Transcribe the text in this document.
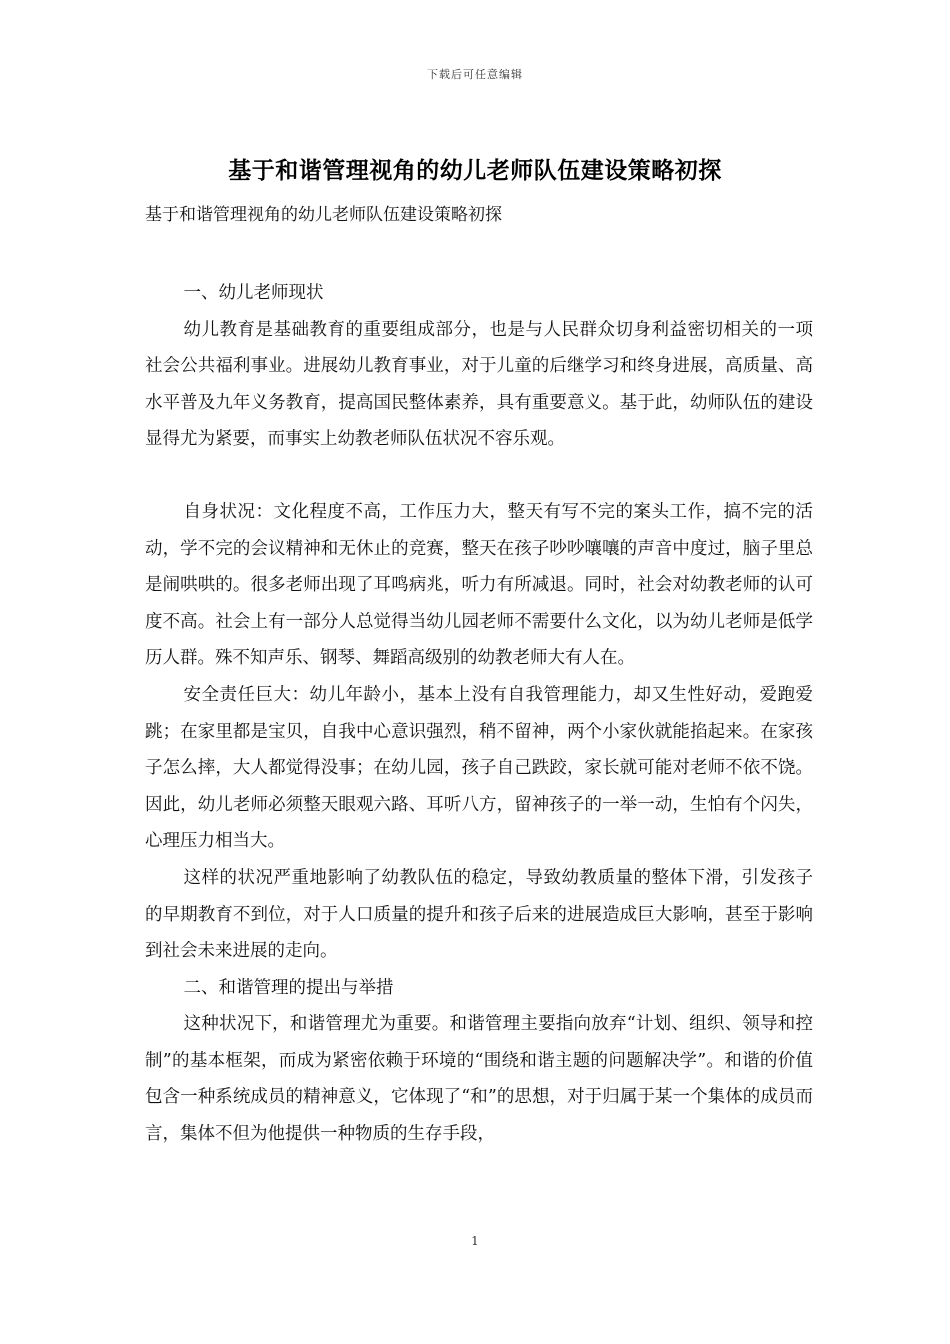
下载后可任意编辑
基于和谐管理视角的幼儿老师队伍建设策略初探
基于和谐管理视角的幼儿老师队伍建设策略初探

一、幼儿老师现状

幼儿教育是基础教育的重要组成部分，也是与人民群众切身利益密切相关的一项社会公共福利事业。进展幼儿教育事业，对于儿童的后继学习和终身进展，高质量、高水平普及九年义务教育，提高国民整体素养，具有重要意义。基于此，幼师队伍的建设显得尤为紧要，而事实上幼教老师队伍状况不容乐观。

自身状况：文化程度不高，工作压力大，整天有写不完的案头工作，搞不完的活动，学不完的会议精神和无休止的竞赛，整天在孩子吵吵嚷嚷的声音中度过，脑子里总是闹哄哄的。很多老师出现了耳鸣病兆，听力有所减退。同时，社会对幼教老师的认可度不高。社会上有一部分人总觉得当幼儿园老师不需要什么文化，以为幼儿老师是低学历人群。殊不知声乐、钢琴、舞蹈高级别的幼教老师大有人在。

安全责任巨大：幼儿年龄小，基本上没有自我管理能力，却又生性好动，爱跑爱跳；在家里都是宝贝，自我中心意识强烈，稍不留神，两个小家伙就能掐起来。在家孩子怎么摔，大人都觉得没事；在幼儿园，孩子自己跌跤，家长就可能对老师不依不饶。因此，幼儿老师必须整天眼观六路、耳听八方，留神孩子的一举一动，生怕有个闪失，心理压力相当大。

这样的状况严重地影响了幼教队伍的稳定，导致幼教质量的整体下滑，引发孩子的早期教育不到位，对于人口质量的提升和孩子后来的进展造成巨大影响，甚至于影响到社会未来进展的走向。

二、和谐管理的提出与举措

这种状况下，和谐管理尤为重要。和谐管理主要指向放弃“计划、组织、领导和控制”的基本框架，而成为紧密依赖于环境的“围绕和谐主题的问题解决学”。和谐的价值包含一种系统成员的精神意义，它体现了“和”的思想，对于归属于某一个集体的成员而言，集体不但为他提供一种物质的生存手段，

1
